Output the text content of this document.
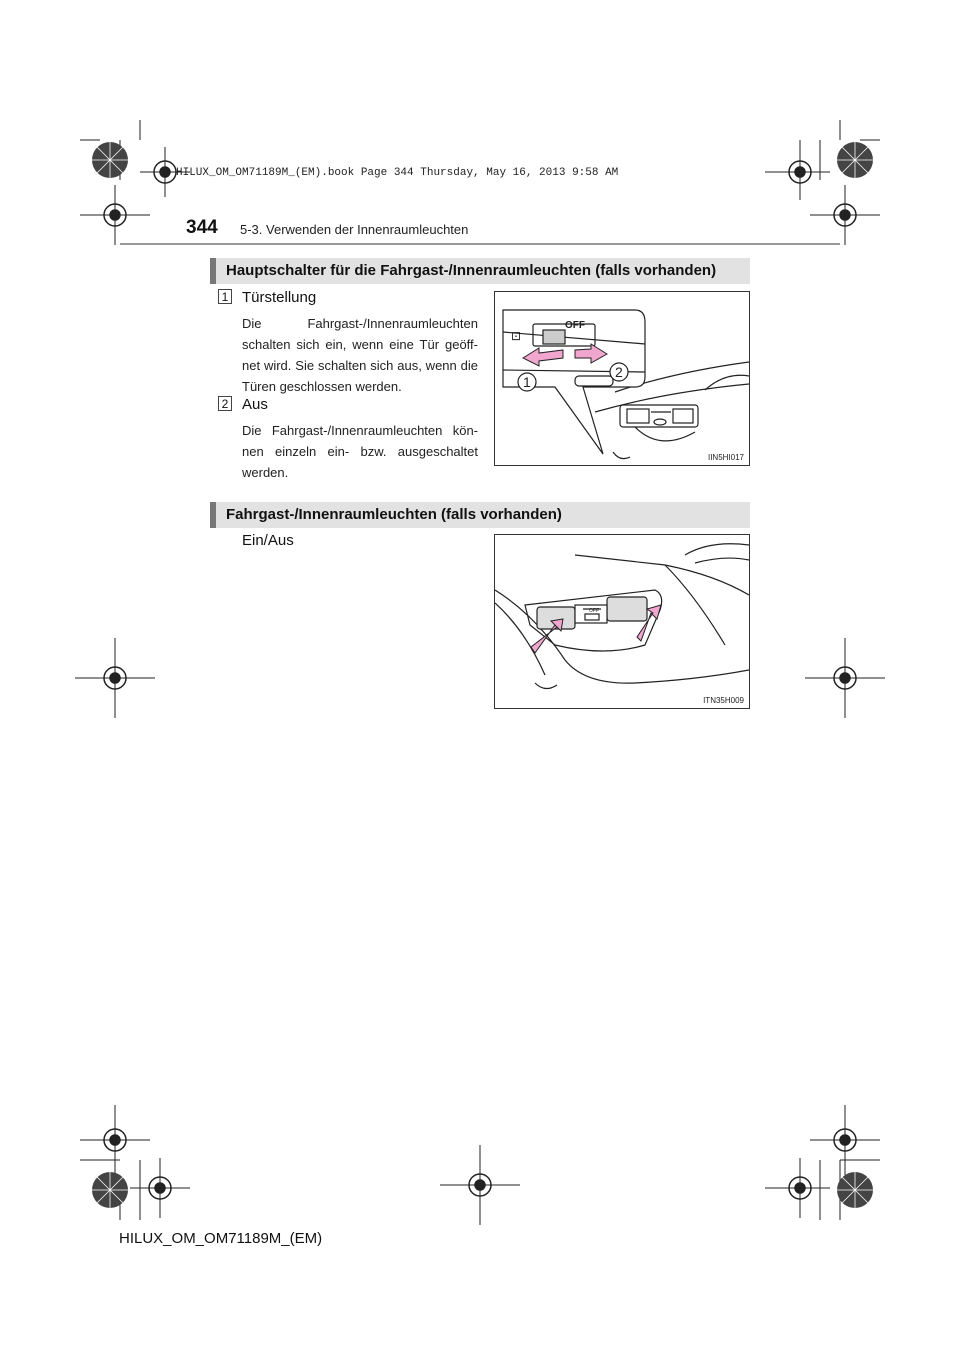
HILUX_OM_OM71189M_(EM).book Page 344 Thursday, May 16, 2013 9:58 AM
344 5-3. Verwenden der Innenraumleuchten
Hauptschalter für die Fahrgast-/Innenraumleuchten (falls vorhanden)
1 Türstellung
Die Fahrgast-/Innenraumleuchten schalten sich ein, wenn eine Tür geöff-net wird. Sie schalten sich aus, wenn die Türen geschlossen werden.
2 Aus
Die Fahrgast-/Innenraumleuchten kön-nen einzeln ein- bzw. ausgeschaltet werden.
OFF
⊡
1
2
IIN5HI017
Fahrgast-/Innenraumleuchten (falls vorhanden)
Ein/Aus
OFF
ITN35H009
HILUX_OM_OM71189M_(EM)
